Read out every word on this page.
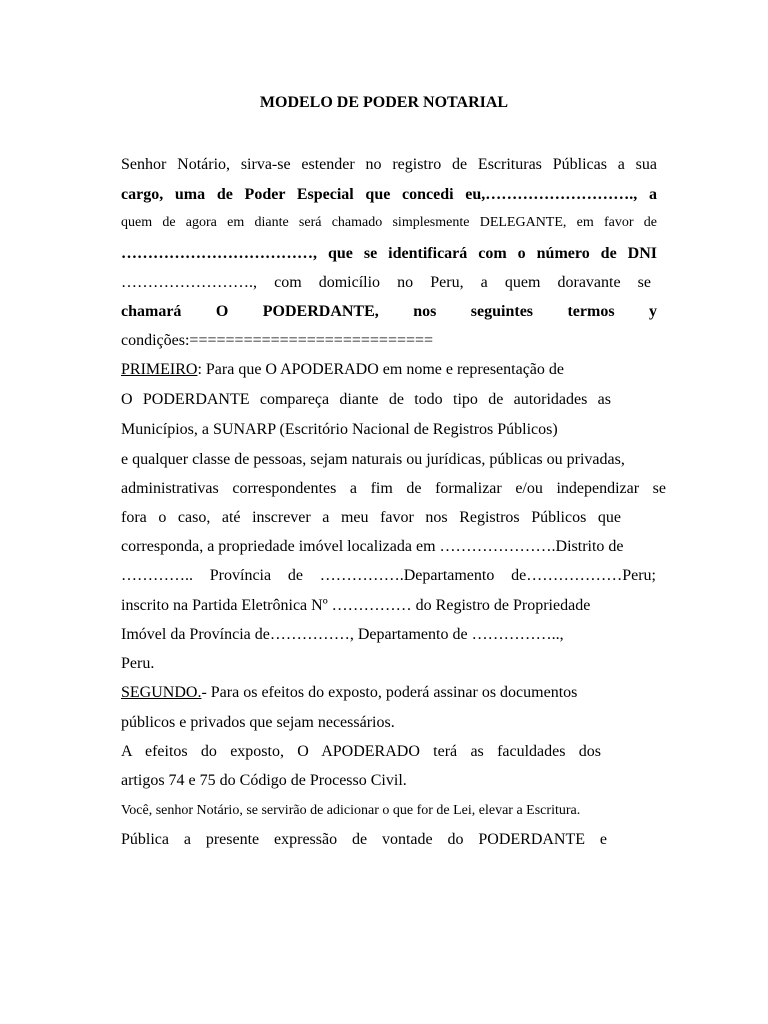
MODELO DE PODER NOTARIAL
Senhor Notário, sirva-se estender no registro de Escrituras Públicas a sua
cargo, uma de Poder Especial que concedi eu,………………………., a
quem de agora em diante será chamado simplesmente DELEGANTE, em favor de
………………………………, que se identificará com o número de DNI
……………………., com domicílio no Peru, a quem doravante se
chamará O PODERDANTE, nos seguintes termos y
condições:===========================
PRIMEIRO: Para que O APODERADO em nome e representação de
O PODERDANTE compareça diante de todo tipo de autoridades as
Municípios, a SUNARP (Escritório Nacional de Registros Públicos)
e qualquer classe de pessoas, sejam naturais ou jurídicas, públicas ou privadas,
administrativas correspondentes a fim de formalizar e/ou independizar se
fora o caso, até inscrever a meu favor nos Registros Públicos que
corresponda, a propriedade imóvel localizada em ………………….Distrito de
………….. Província de …………….Departamento de………………Peru;
inscrito na Partida Eletrônica Nº …………… do Registro de Propriedade
Imóvel da Província de……………, Departamento de ……………..,
Peru.
SEGUNDO.- Para os efeitos do exposto, poderá assinar os documentos
públicos e privados que sejam necessários.
A efeitos do exposto, O APODERADO terá as faculdades dos
artigos 74 e 75 do Código de Processo Civil.
Você, senhor Notário, se servirão de adicionar o que for de Lei, elevar a Escritura.
Pública a presente expressão de vontade do PODERDANTE e
